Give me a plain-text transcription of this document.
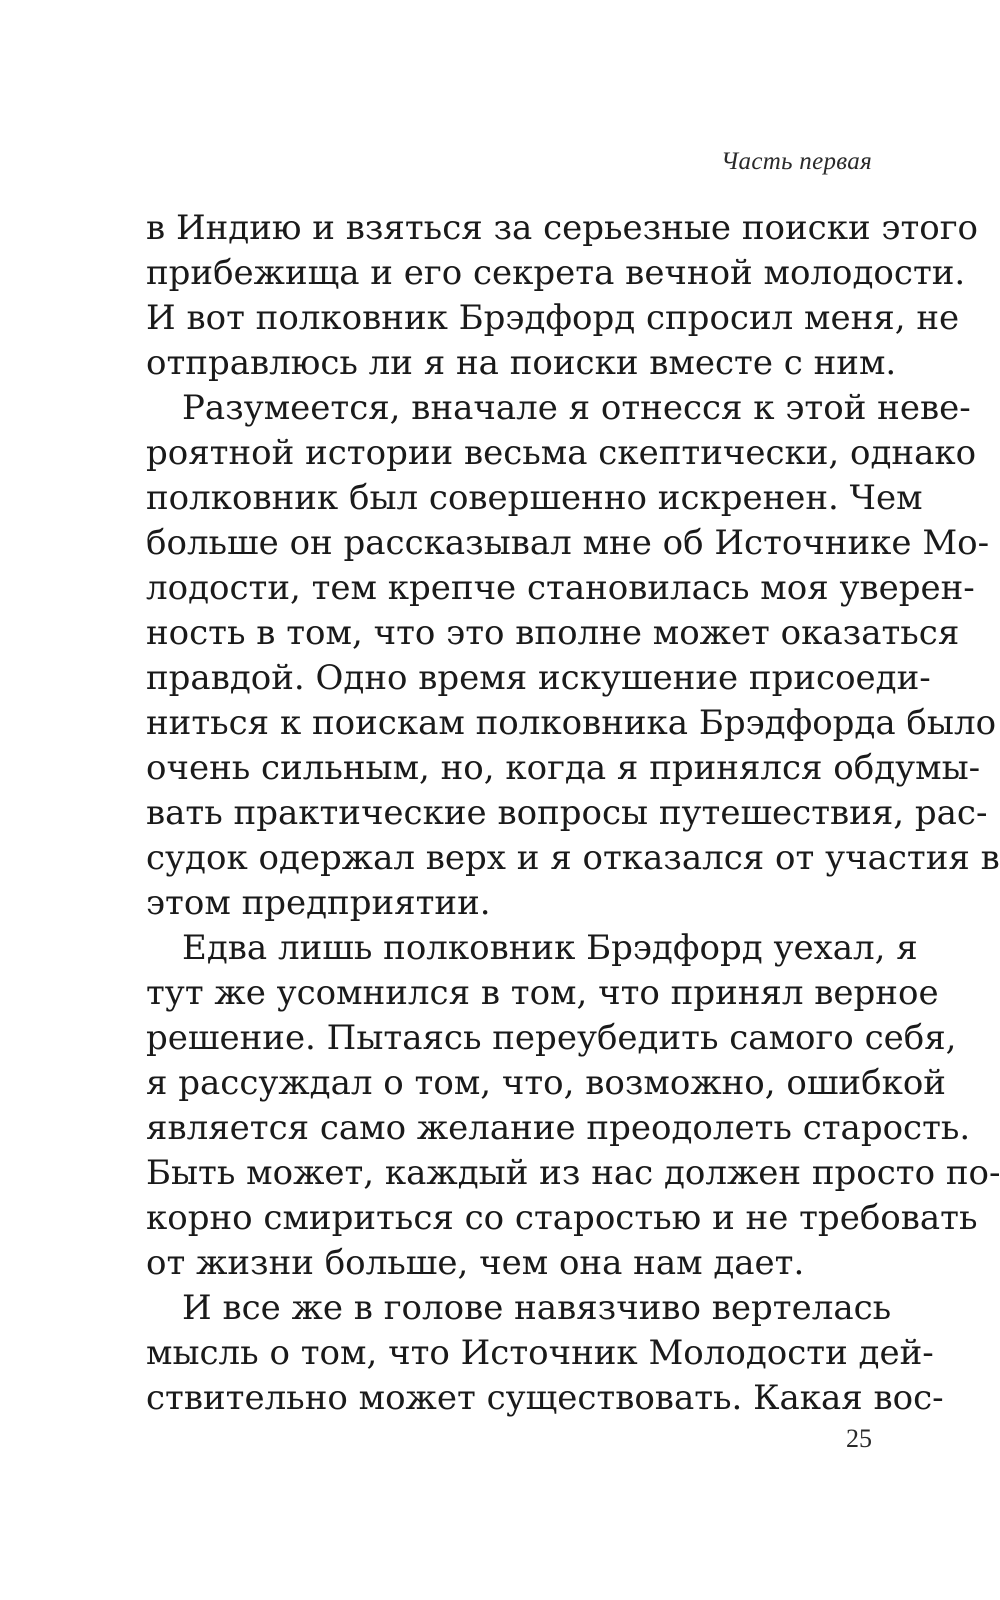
Часть первая
в Индию и взяться за серьезные поиски этого
прибежища и его секрета вечной молодости.
И вот полковник Брэдфорд спросил меня, не
отправлюсь ли я на поиски вместе с ним.
Разумеется, вначале я отнесся к этой неве-
роятной истории весьма скептически, однако
полковник был совершенно искренен. Чем
больше он рассказывал мне об Источнике Мо-
лодости, тем крепче становилась моя уверен-
ность в том, что это вполне может оказаться
правдой. Одно время искушение присоеди-
ниться к поискам полковника Брэдфорда было
очень сильным, но, когда я принялся обдумы-
вать практические вопросы путешествия, рас-
судок одержал верх и я отказался от участия в
этом предприятии.
Едва лишь полковник Брэдфорд уехал, я
тут же усомнился в том, что принял верное
решение. Пытаясь переубедить самого себя,
я рассуждал о том, что, возможно, ошибкой
является само желание преодолеть старость.
Быть может, каждый из нас должен просто по-
корно смириться со старостью и не требовать
от жизни больше, чем она нам дает.
И все же в голове навязчиво вертелась
мысль о том, что Источник Молодости дей-
ствительно может существовать. Какая вос-
25
